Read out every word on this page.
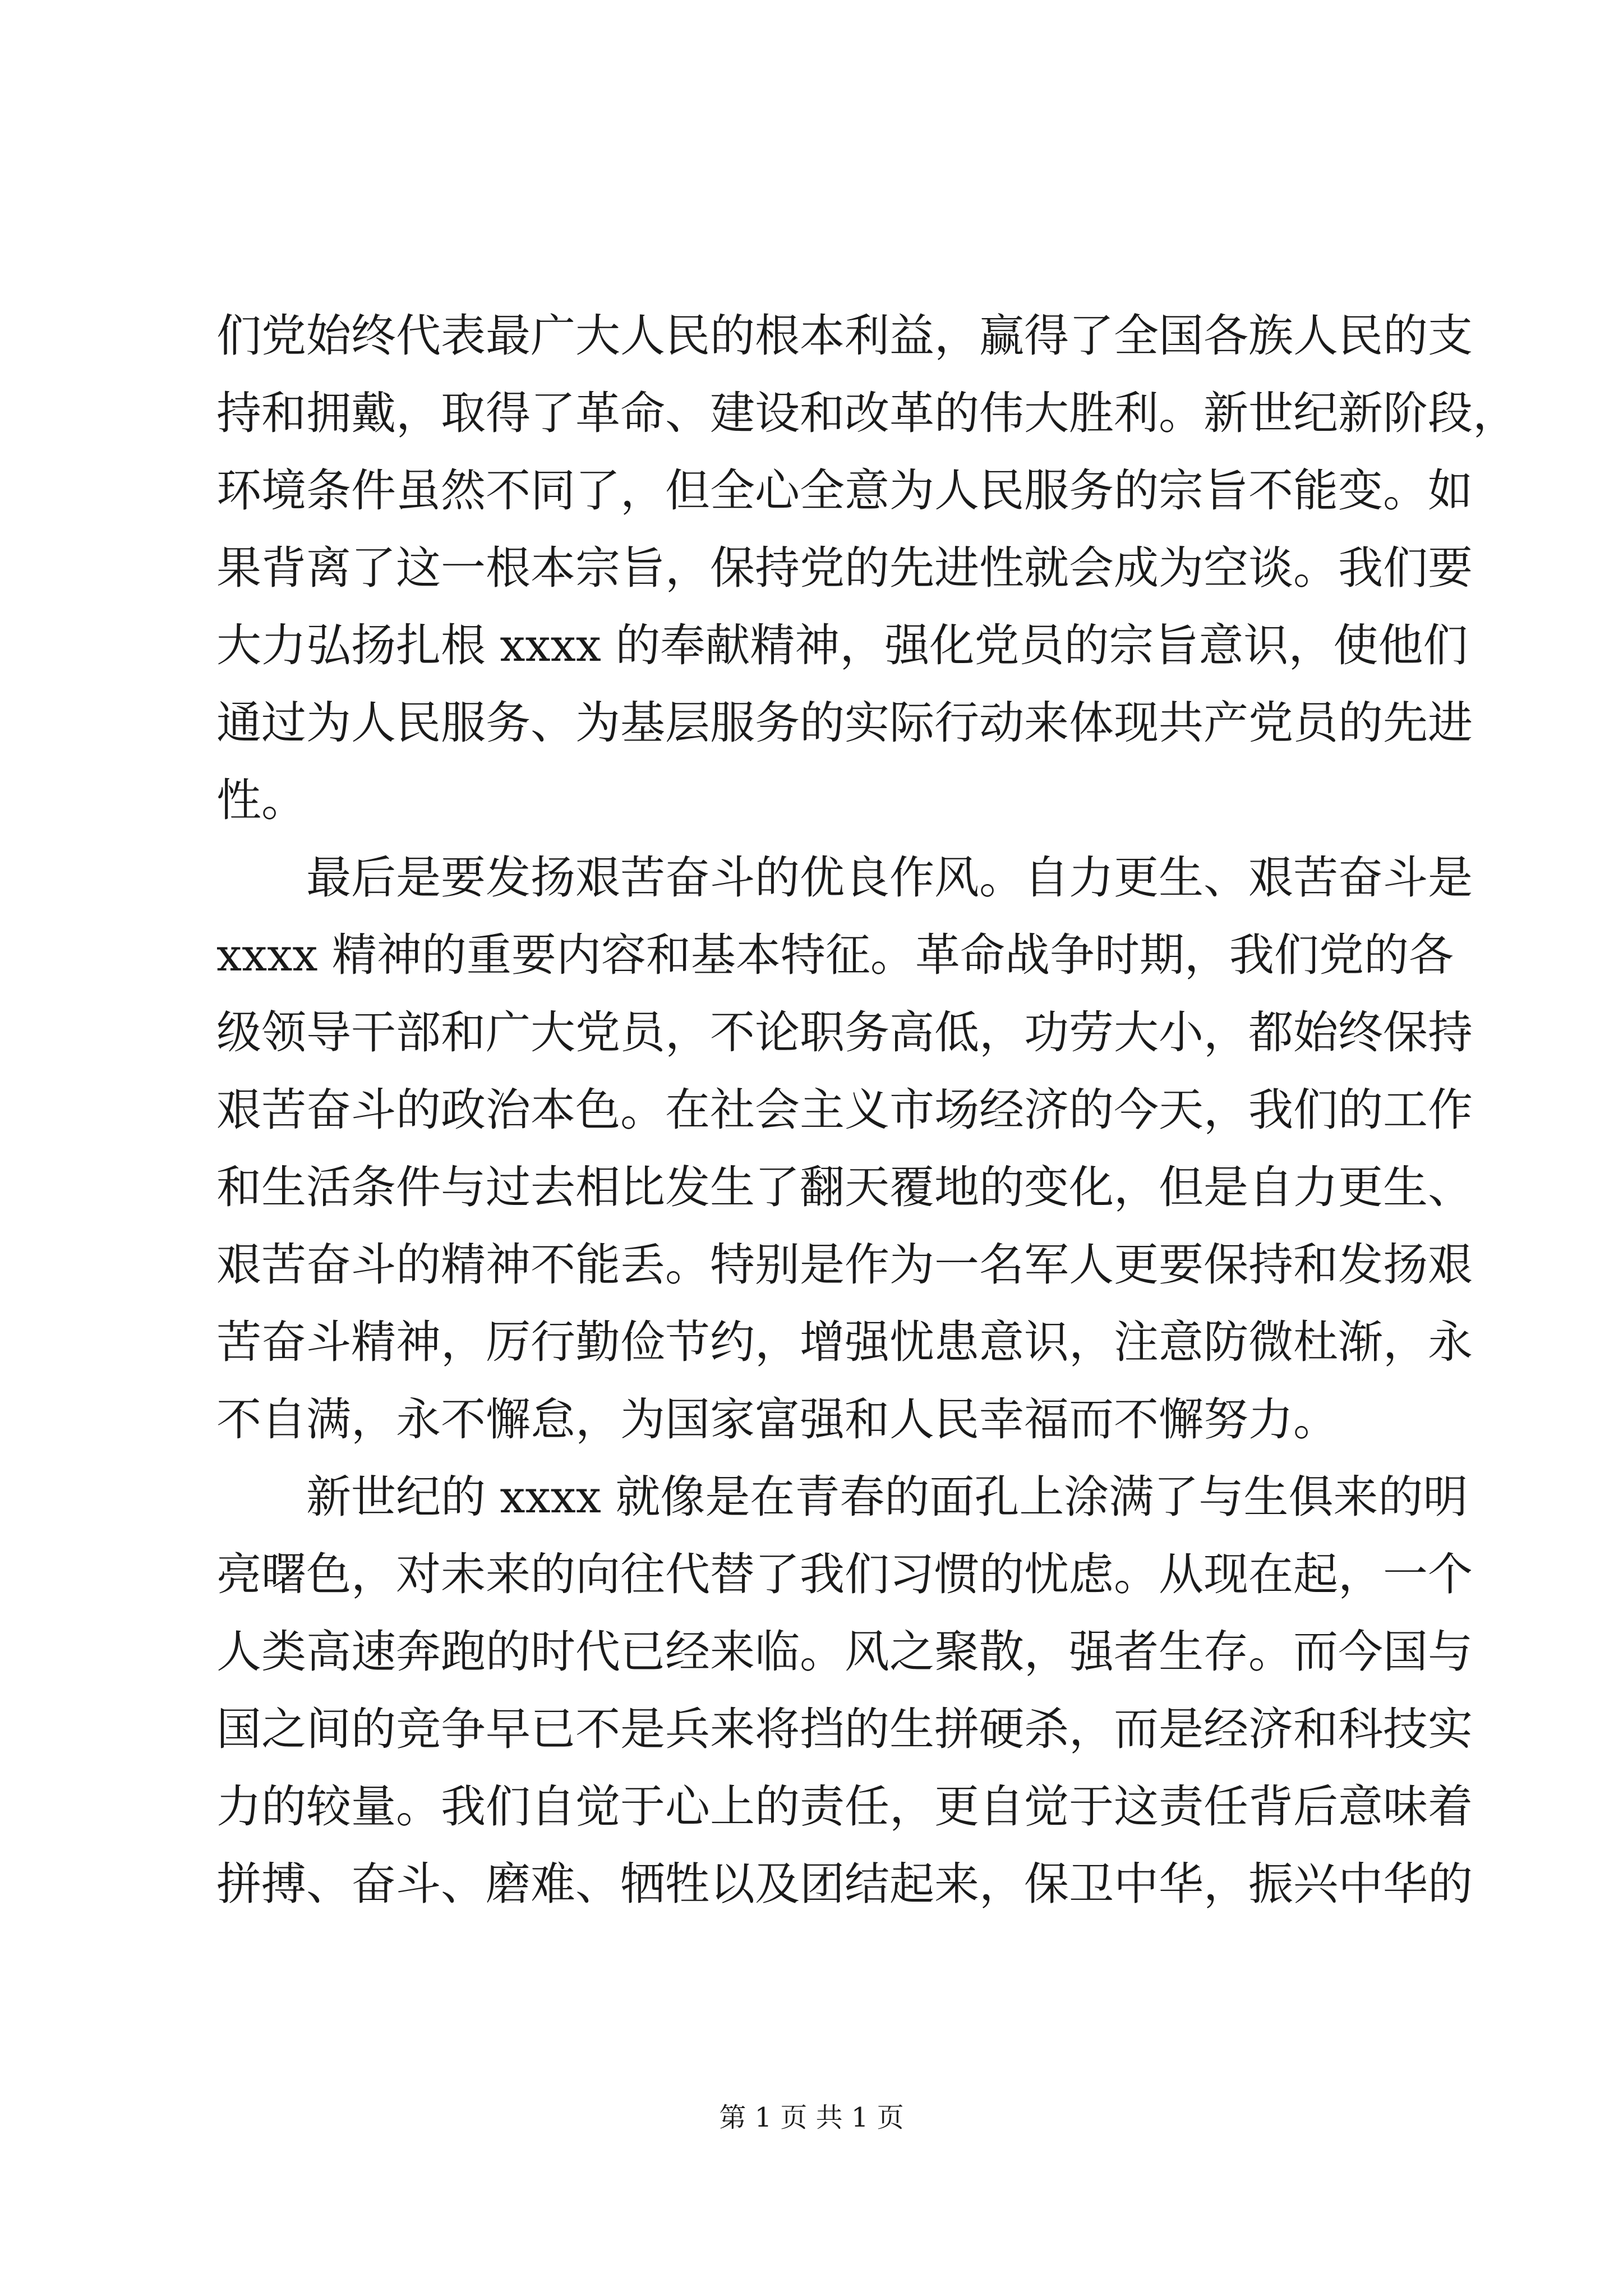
们党始终代表最广大人民的根本利益，赢得了全国各族人民的支
持和拥戴，取得了革命、建设和改革的伟大胜利。新世纪新阶段，
环境条件虽然不同了，但全心全意为人民服务的宗旨不能变。如
果背离了这一根本宗旨，保持党的先进性就会成为空谈。我们要
大力弘扬扎根 xxxx 的奉献精神，强化党员的宗旨意识，使他们
通过为人民服务、为基层服务的实际行动来体现共产党员的先进
性。
最后是要发扬艰苦奋斗的优良作风。自力更生、艰苦奋斗是
xxxx 精神的重要内容和基本特征。革命战争时期，我们党的各
级领导干部和广大党员，不论职务高低，功劳大小，都始终保持
艰苦奋斗的政治本色。在社会主义市场经济的今天，我们的工作
和生活条件与过去相比发生了翻天覆地的变化，但是自力更生、
艰苦奋斗的精神不能丢。特别是作为一名军人更要保持和发扬艰
苦奋斗精神，厉行勤俭节约，增强忧患意识，注意防微杜渐，永
不自满，永不懈怠，为国家富强和人民幸福而不懈努力。
新世纪的 xxxx 就像是在青春的面孔上涂满了与生俱来的明
亮曙色，对未来的向往代替了我们习惯的忧虑。从现在起，一个
人类高速奔跑的时代已经来临。风之聚散，强者生存。而今国与
国之间的竞争早已不是兵来将挡的生拼硬杀，而是经济和科技实
力的较量。我们自觉于心上的责任，更自觉于这责任背后意味着
拼搏、奋斗、磨难、牺牲以及团结起来，保卫中华，振兴中华的
第 1 页 共 1 页
